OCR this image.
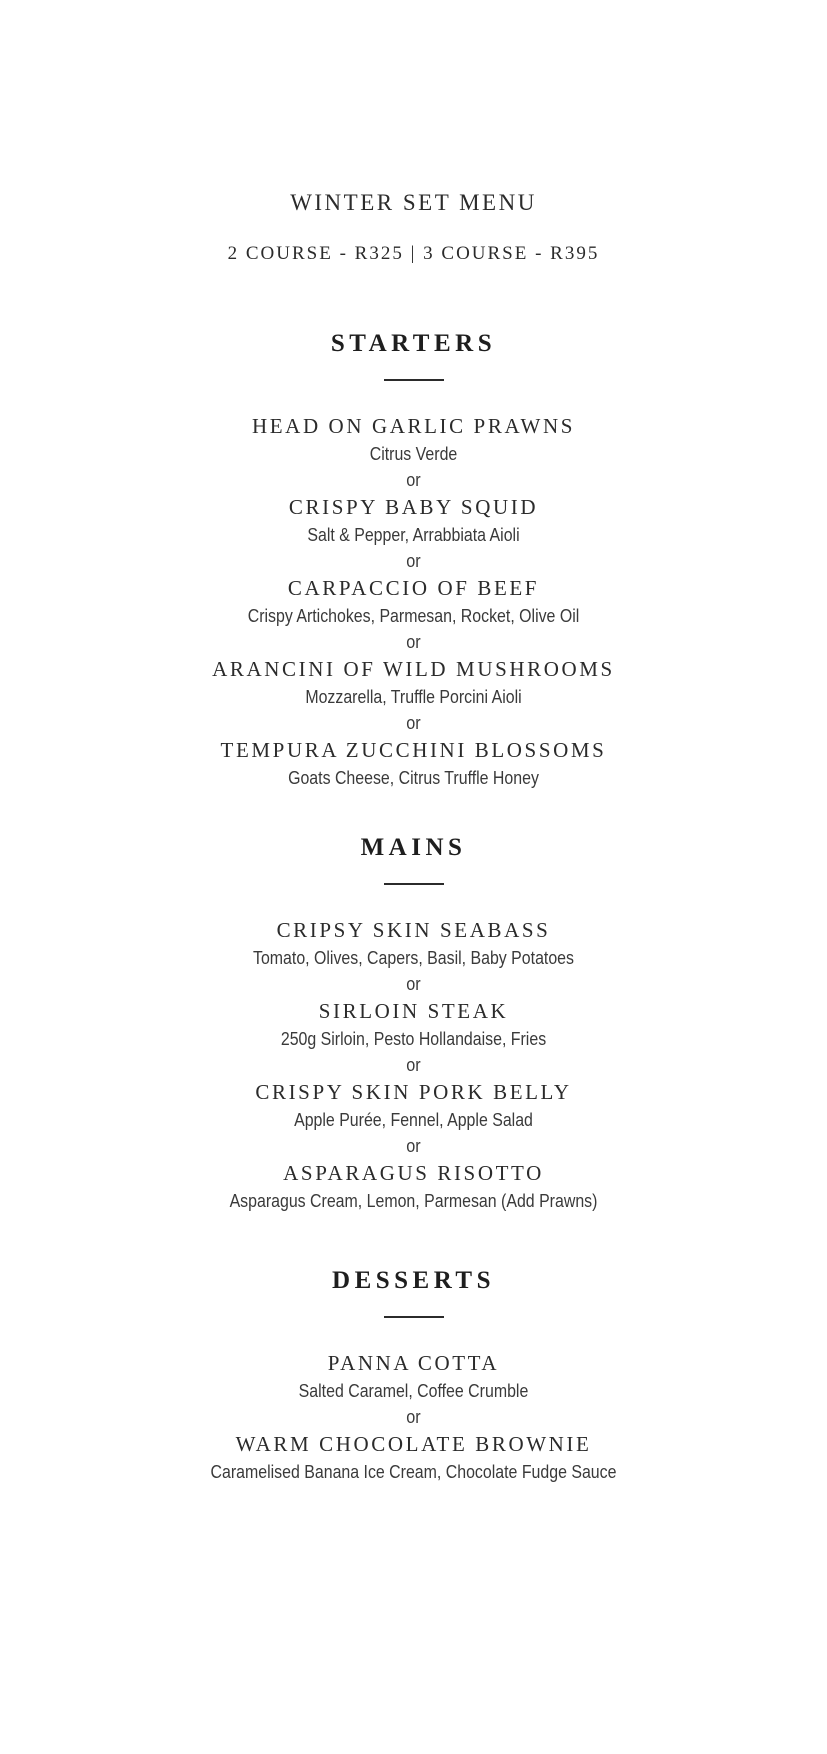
WINTER SET MENU
2 COURSE - R325 | 3 COURSE - R395
STARTERS
HEAD ON GARLIC PRAWNS
Citrus Verde
or
CRISPY BABY SQUID
Salt & Pepper, Arrabbiata Aioli
or
CARPACCIO OF BEEF
Crispy Artichokes, Parmesan, Rocket, Olive Oil
or
ARANCINI OF WILD MUSHROOMS
Mozzarella, Truffle Porcini Aioli
or
TEMPURA ZUCCHINI BLOSSOMS
Goats Cheese, Citrus Truffle Honey
MAINS
CRIPSY SKIN SEABASS
Tomato, Olives, Capers, Basil, Baby Potatoes
or
SIRLOIN STEAK
250g Sirloin, Pesto Hollandaise, Fries
or
CRISPY SKIN PORK BELLY
Apple Purée, Fennel, Apple Salad
or
ASPARAGUS RISOTTO
Asparagus Cream, Lemon, Parmesan (Add Prawns)
DESSERTS
PANNA COTTA
Salted Caramel, Coffee Crumble
or
WARM CHOCOLATE BROWNIE
Caramelised Banana Ice Cream, Chocolate Fudge Sauce
